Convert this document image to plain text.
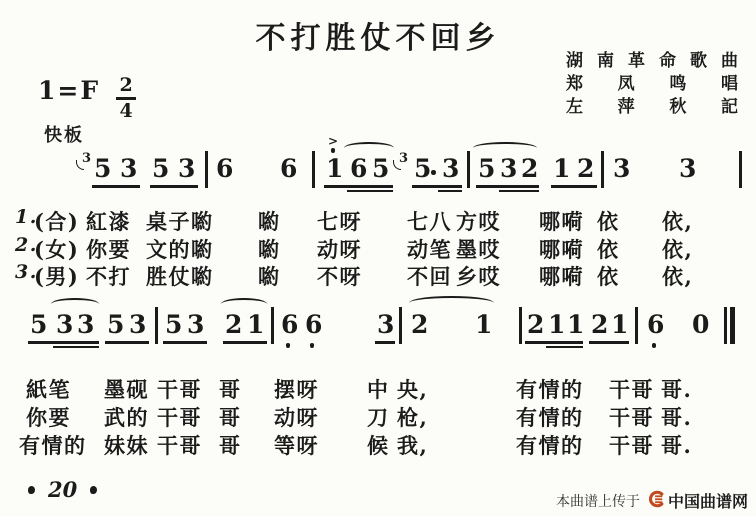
不打胜仗不回乡
湖 南 革 命 歌 曲
郑 凤 鸣 唱
左 萍 秋 記
1=F 2
4
快板
20	本曲谱上传于 中国 曲谱网
3 5 3 5 3 6 6 1
>
6 5 3 5 3 5 3 2 1 2 3 3
5 3 3 5 3 5 3 2 1 6 6 3 2 1 2 1 1 2 1 6 0
1.
(合) 紅漆 桌子 喲 喲 七呀 七八 方哎 哪嗬 依 依,
2.
(女) 你要 文的 喲 喲 动呀 动笔 墨哎 哪嗬 依 依,
3.
(男) 不打 胜仗 喲 喲 不呀 不回 乡哎 哪嗬 依 依,
紙笔 墨砚 干哥 哥 摆呀 中 央,	有情的 干哥 哥.
你要 武的 干哥 哥 动呀 刀 枪,	有情的 干哥 哥.
有情的 妹妹 干哥 哥 等呀 候 我,	有情的 干哥 哥.
